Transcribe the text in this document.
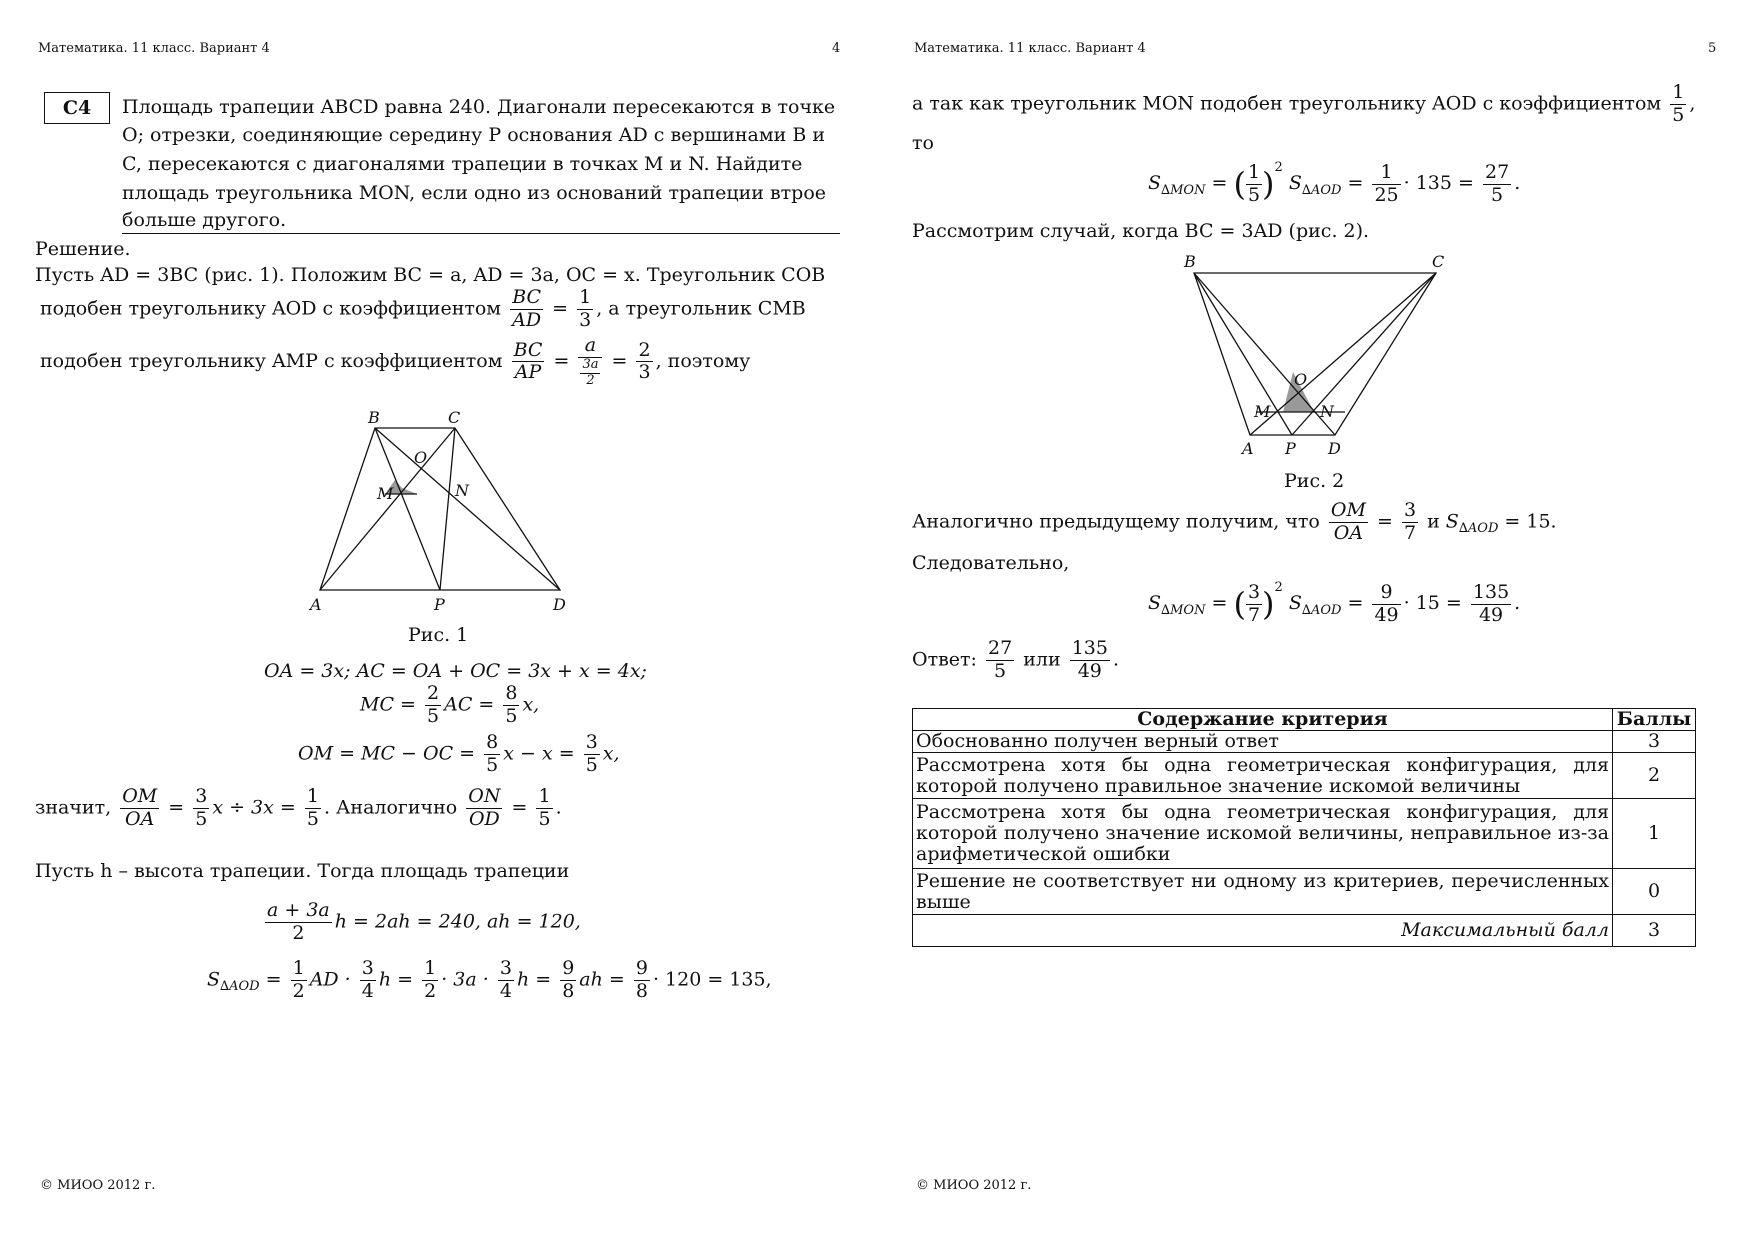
Математика. 11 класс. Вариант 4	4
C4	Площадь трапеции ABCD равна 240. Диагонали пересекаются в точке
O; отрезки, соединяющие середину P основания AD с вершинами B и
C, пересекаются с диагоналями трапеции в точках M и N. Найдите
площадь треугольника MON, если одно из оснований трапеции втрое
больше другого.
Решение.
Пусть AD = 3BC (рис. 1). Положим BC = a, AD = 3a, OC = x. Треугольник COB
подобен треугольнику AOD с коэффициентом $\frac{BC}{AD} = \frac{1}{3}$ , а треугольник CMB
подобен треугольнику AMP с коэффициентом $\frac{BC}{AP} = \frac{a}{\frac{3a}{2}} = \frac{2}{3}$ , поэтому
B	C
O
M	N
A	P	D
Рис. 1
OA = 3x; AC = OA + OC = 3x + x = 4x;
MC = $\frac{2}{5}$ AC = $\frac{8}{5} x$,
OM = MC − OC = $\frac{8}{5}$ $x - x = \frac{3}{5} x$,
значит, $\frac{OM}{OA} = \frac{3}{5}$ $x \div 3x = \frac{1}{5}$ . Аналогично $\frac{ON}{OD} = \frac{1}{5}$ .
Пусть h – высота трапеции. Тогда площадь трапеции
$\frac{a + 3a}{2}$ h = 2ah = 240, ah = 120,
$S_{\Delta AOD} = \frac{1}{2}$ AD · $\frac{3}{4}$ $h = \frac{1}{2} \cdot 3a \cdot \frac{3}{4}$ $h = \frac{9}{8}$ ah = $\frac{9}{8} \cdot 120 = 135$,
© МИОО 2012 г.
Математика. 11 класс. Вариант 4	5
а так как треугольник MON подобен треугольнику AOD с коэффициентом $\frac{1}{5}$ ,
то
$S_{\Delta MON}$ = ( $\frac{1}{5} )^2$ $S_{\Delta AOD} = \frac{1}{25} \cdot 135 = \frac{27}{5}$ .
Рассмотрим случай, когда BC = 3AD (рис. 2).
B	C
O
M	N
A P D
Рис. 2
Аналогично предыдущему получим, что $\frac{OM}{OA} = \frac{3}{7}$ и $S_{\Delta AOD} = 15$.
Следовательно,
$S_{\Delta MON}$ = ( $\frac{3}{7} )^2$ $S_{\Delta AOD} = \frac{9}{49} \cdot 15 = \frac{135}{49}$ .
Ответ: $\frac{27}{5}$ или $\frac{135}{49}$ .
Содержание критерия	Баллы
Обоснованно получен верный ответ	3
Рассмотрена хотя бы одна геометрическая конфигурация, для которой получено правильное значение искомой величины	2
Рассмотрена хотя бы одна геометрическая конфигурация, для которой получено значение искомой величины, неправильное из-за арифметической ошибки	1
Решение не соответствует ни одному из критериев, перечисленных выше	0
Максимальный балл	3
© МИОО 2012 г.
